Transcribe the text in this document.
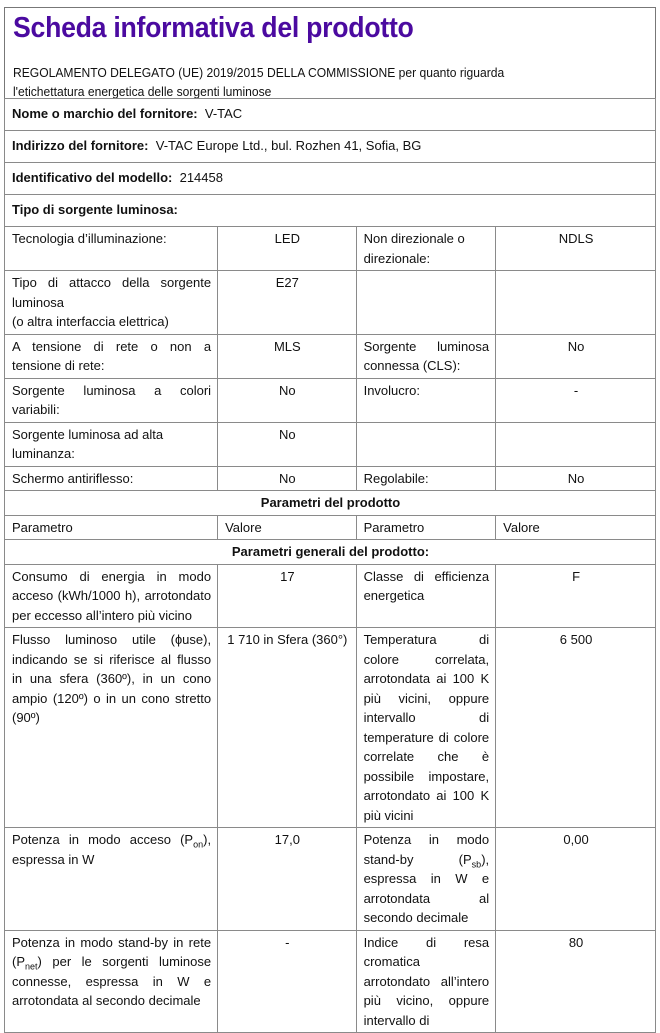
Scheda informativa del prodotto
REGOLAMENTO DELEGATO (UE) 2019/2015 DELLA COMMISSIONE per quanto riguarda
l'etichettatura energetica delle sorgenti luminose
Nome o marchio del fornitore: V-TAC			
Indirizzo del fornitore: V-TAC Europe Ltd., bul. Rozhen 41, Sofia, BG			
Identificativo del modello: 214458			
Tipo di sorgente luminosa:			
Tecnologia d’illuminazione:	LED	Non direzionale o direzionale:	NDLS
Tipo di attacco della sorgente luminosa
(o altra interfaccia elettrica)	E27		
A tensione di rete o non a tensione di rete:	MLS	Sorgente luminosa connessa (CLS):	No
Sorgente luminosa a colori variabili:	No	Involucro:	-
Sorgente luminosa ad alta luminanza:	No		
Schermo antiriflesso:	No	Regolabile:	No
Parametri del prodotto			
Parametro	Valore	Parametro	Valore
Parametri generali del prodotto:			
Consumo di energia in modo acceso (kWh/1000 h), arrotondato per eccesso all’intero più vicino	17	Classe di efficienza energetica	F
Flusso luminoso utile (ɸuse), indicando se si riferisce al flusso in una sfera (360º), in un cono ampio (120º) o in un cono stretto (90º)	1 710 in Sfera (360°)	Temperatura di colore correlata, arrotondata ai 100 K più vicini, oppure intervallo di temperature di colore correlate che è possibile impostare, arrotondato ai 100 K più vicini	6 500
Potenza in modo acceso $(P_{on})$, espressa in W	17,0	Potenza in modo stand-by $(P_{sb})$, espressa in W e arrotondata al secondo decimale	0,00
Potenza in modo stand-by in rete $(P_{net})$ per le sorgenti luminose connesse, espressa in W e arrotondata al secondo decimale	-	Indice di resa cromatica arrotondato all’intero più vicino, oppure intervallo di	80
